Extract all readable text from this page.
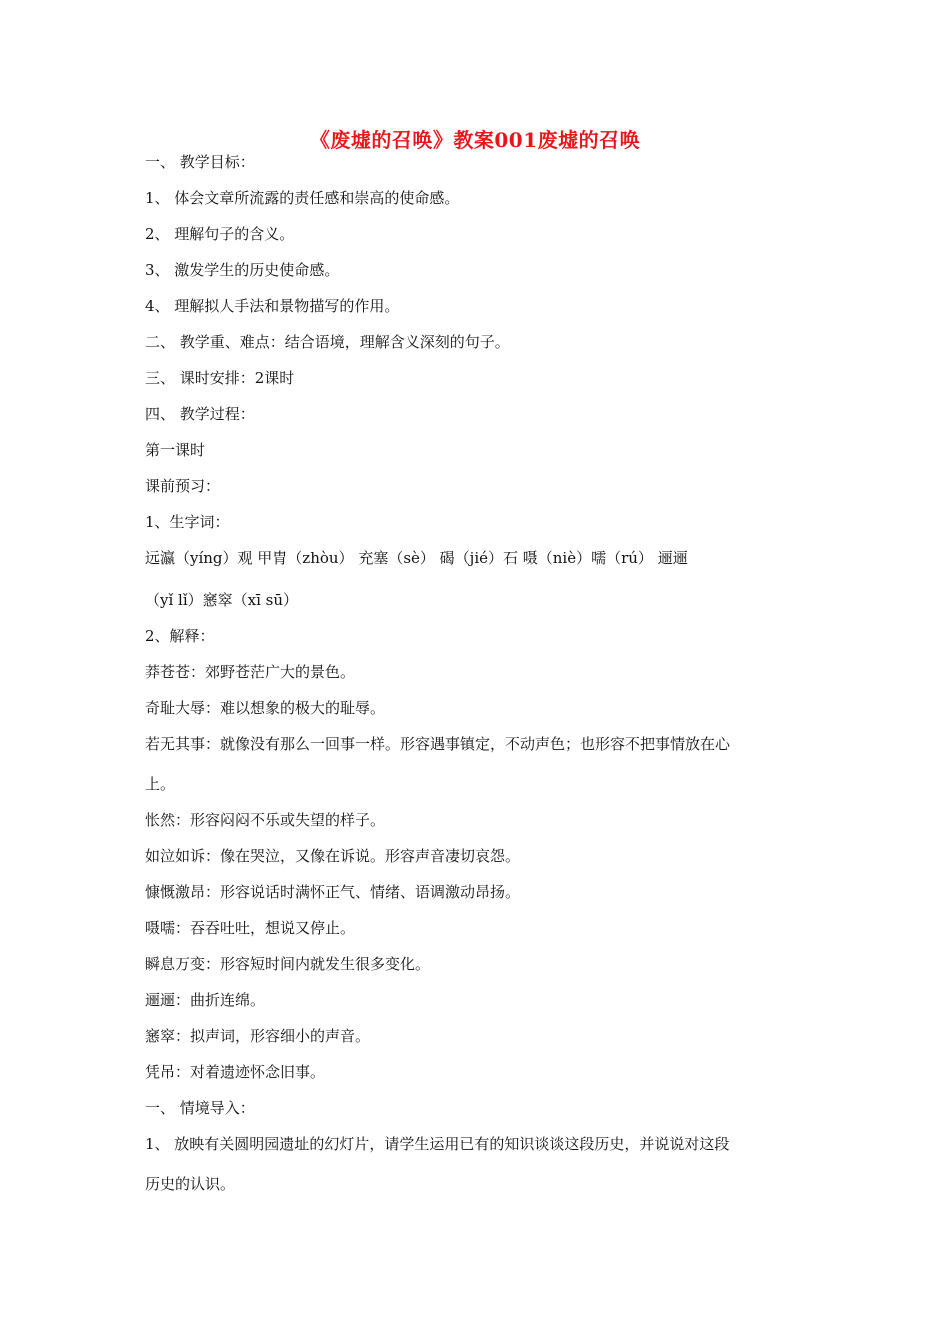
《废墟的召唤》教案001废墟的召唤
一、 教学目标：
1、 体会文章所流露的责任感和崇高的使命感。
2、 理解句子的含义。
3、 激发学生的历史使命感。
4、 理解拟人手法和景物描写的作用。
二、 教学重、难点：结合语境，理解含义深刻的句子。
三、 课时安排：2课时
四、 教学过程：
第一课时
课前预习：
1、生字词：
远瀛（yíng）观 甲胄（zhòu） 充塞（sè） 碣（jié）石 嗫（niè）嚅（rú） 逦逦
（yǐ lǐ）窸窣（xī sū）
2、解释：
莽苍苍：郊野苍茫广大的景色。
奇耻大辱：难以想象的极大的耻辱。
若无其事：就像没有那么一回事一样。形容遇事镇定，不动声色；也形容不把事情放在心
上。
怅然：形容闷闷不乐或失望的样子。
如泣如诉：像在哭泣，又像在诉说。形容声音凄切哀怨。
慷慨激昂：形容说话时满怀正气、情绪、语调激动昂扬。
嗫嚅：吞吞吐吐，想说又停止。
瞬息万变：形容短时间内就发生很多变化。
逦逦：曲折连绵。
窸窣：拟声词，形容细小的声音。
凭吊：对着遗迹怀念旧事。
一、 情境导入：
1、 放映有关圆明园遗址的幻灯片，请学生运用已有的知识谈谈这段历史，并说说对这段
历史的认识。
